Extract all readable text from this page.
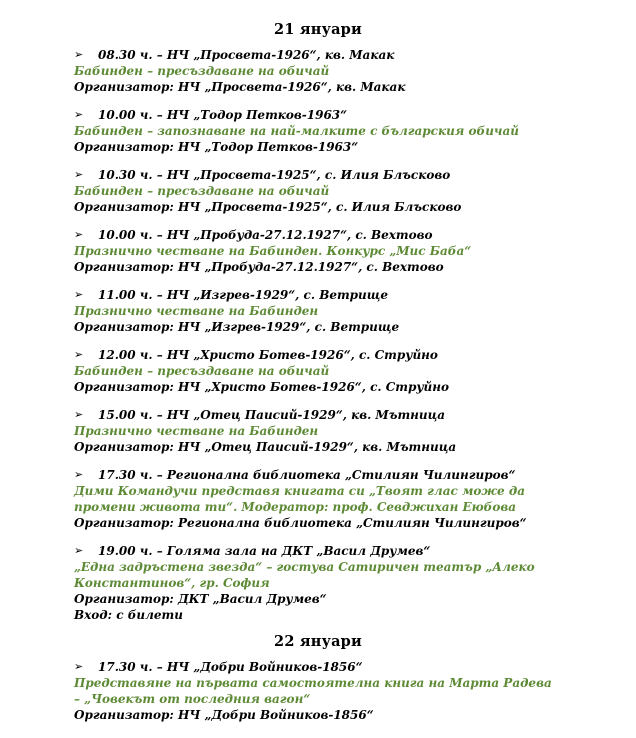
21 януари
➢ 08.30 ч. – НЧ „Просвета-1926“, кв. Макак
Бабинден – пресъздаване на обичай
Организатор: НЧ „Просвета-1926“, кв. Макак
➢ 10.00 ч. – НЧ „Тодор Петков-1963“
Бабинден – запознаване на най-малките с българския обичай
Организатор: НЧ „Тодор Петков-1963“
➢ 10.30 ч. – НЧ „Просвета-1925“, с. Илия Блъсково
Бабинден – пресъздаване на обичай
Организатор: НЧ „Просвета-1925“, с. Илия Блъсково
➢ 10.00 ч. – НЧ „Пробуда-27.12.1927“, с. Вехтово
Празнично честване на Бабинден. Конкурс „Мис Баба“
Организатор: НЧ „Пробуда-27.12.1927“, с. Вехтово
➢ 11.00 ч. – НЧ „Изгрев-1929“, с. Ветрище
Празнично честване на Бабинден
Организатор: НЧ „Изгрев-1929“, с. Ветрище
➢ 12.00 ч. – НЧ „Христо Ботев-1926“, с. Струйно
Бабинден – пресъздаване на обичай
Организатор: НЧ „Христо Ботев-1926“, с. Струйно
➢ 15.00 ч. – НЧ „Отец Паисий-1929“, кв. Мътница
Празнично честване на Бабинден
Организатор: НЧ „Отец Паисий-1929“, кв. Мътница
➢ 17.30 ч. – Регионална библиотека „Стилиян Чилингиров“
Дими Командучи представя книгата си „Твоят глас може да промени живота ти“. Модератор: проф. Севджихан Еюбова
Организатор: Регионална библиотека „Стилиян Чилингиров“
➢ 19.00 ч. – Голяма зала на ДКТ „Васил Друмев“
„Една задръстена звезда“ – гостува Сатиричен театър „Алеко Константинов“, гр. София
Организатор: ДКТ „Васил Друмев“
Вход: с билети
22 януари
➢ 17.30 ч. – НЧ „Добри Войников-1856“
Представяне на първата самостоятелна книга на Марта Радева – „Човекът от последния вагон“
Организатор: НЧ „Добри Войников-1856“
